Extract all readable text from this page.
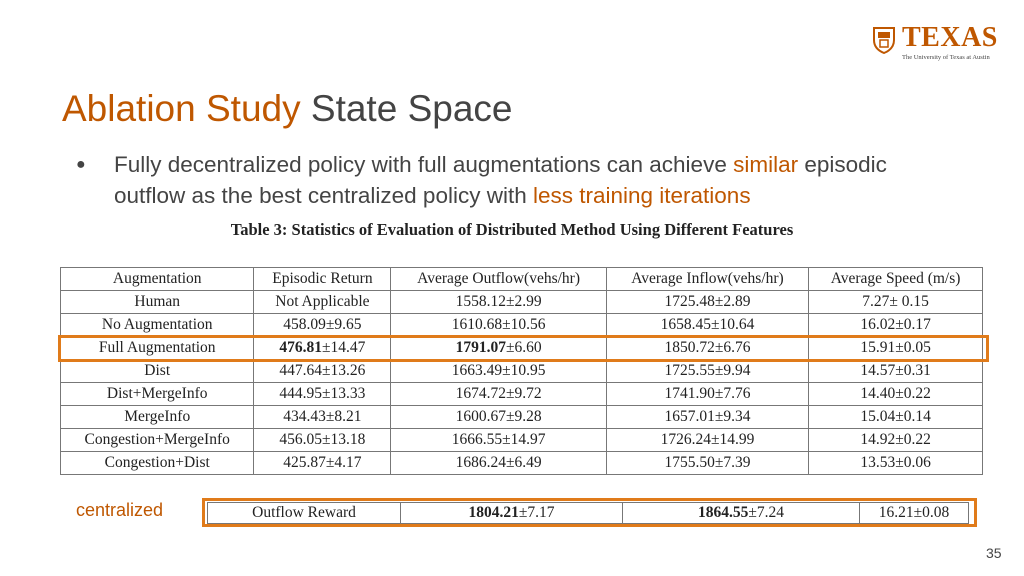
TEXAS
The University of Texas at Austin
Ablation Study State Space
● Fully decentralized policy with full augmentations can achieve similar episodic outflow as the best centralized policy with less training iterations
Table 3: Statistics of Evaluation of Distributed Method Using Different Features
Augmentation	Episodic Return	Average Outflow(vehs/hr)	Average Inflow(vehs/hr)	Average Speed (m/s)
Human	Not Applicable	1558.12±2.99	1725.48±2.89	7.27± 0.15
No Augmentation	458.09±9.65	1610.68±10.56	1658.45±10.64	16.02±0.17
Full Augmentation	476.81±14.47	1791.07±6.60	1850.72±6.76	15.91±0.05
Dist	447.64±13.26	1663.49±10.95	1725.55±9.94	14.57±0.31
Dist+MergeInfo	444.95±13.33	1674.72±9.72	1741.90±7.76	14.40±0.22
MergeInfo	434.43±8.21	1600.67±9.28	1657.01±9.34	15.04±0.14
Congestion+MergeInfo	456.05±13.18	1666.55±14.97	1726.24±14.99	14.92±0.22
Congestion+Dist	425.87±4.17	1686.24±6.49	1755.50±7.39	13.53±0.06
centralized	Outflow Reward	1804.21±7.17	1864.55±7.24	16.21±0.08
35
